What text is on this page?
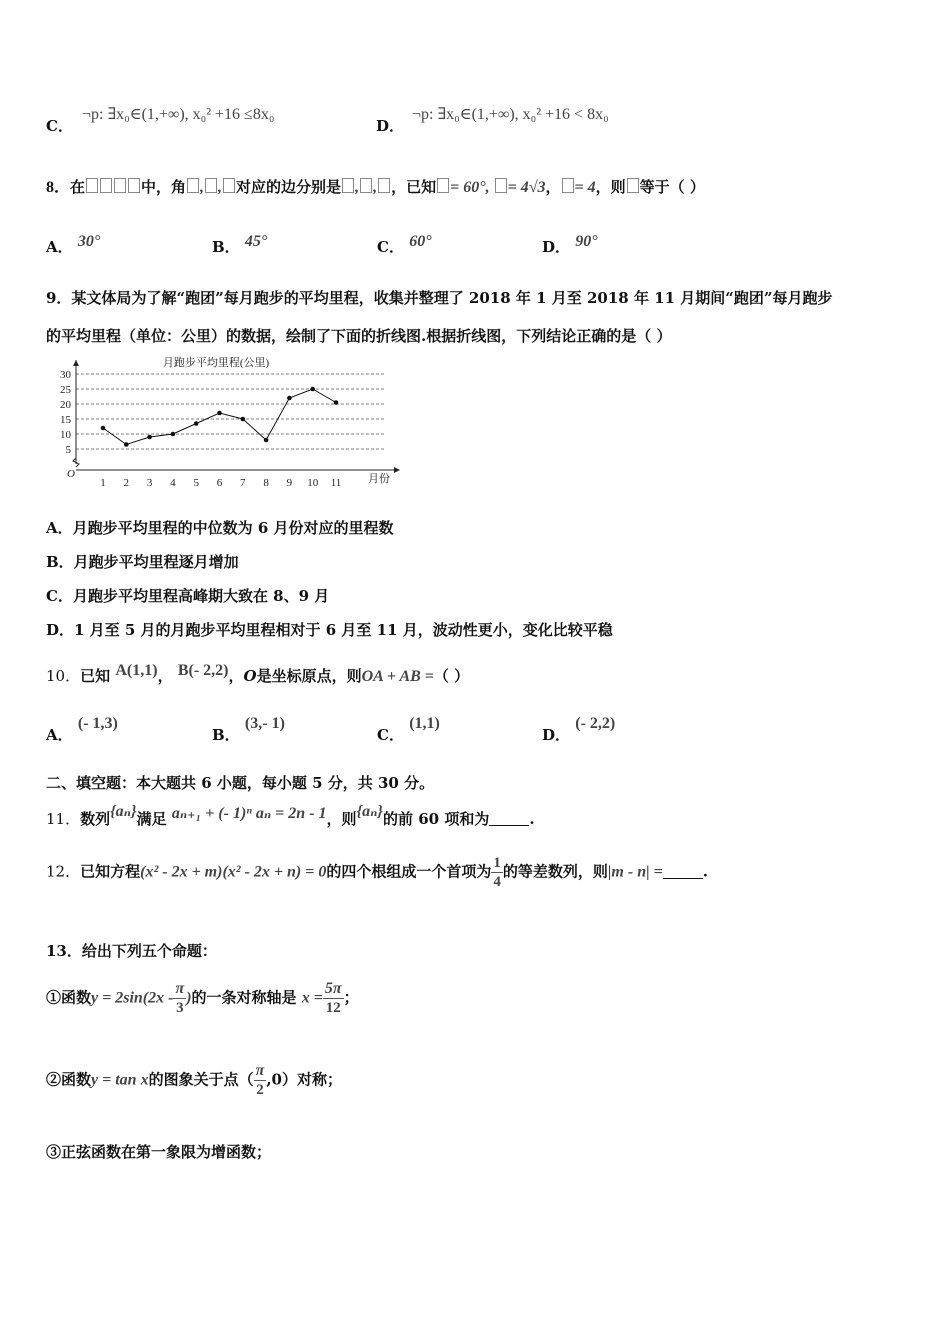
C．
¬p: ∃x₀∈(1,+∞), x₀² +16 ≤8x₀
D．
¬p: ∃x₀∈(1,+∞), x₀² +16 < 8x₀
8．在	中，角 , , 对应的边分别是 , , ，已知 = 60°, = 4√3， = 4，则 等于（ ）
A． 30°	B． 45°	C． 60°	D． 90°
9．某文体局为了解“跑团”每月跑步的平均里程，收集并整理了 2018 年 1 月至 2018 年 11 月期间“跑团”每月跑步
的平均里程（单位：公里）的数据，绘制了下面的折线图.根据折线图，下列结论正确的是（ ）
月跑步平均里程(公里)
O	月份
5
10
15
20
25
30
1 2 3 4 5 6 7 8 9 10 11
A．月跑步平均里程的中位数为 6 月份对应的里程数
B．月跑步平均里程逐月增加
C．月跑步平均里程高峰期大致在 8、9 月
D．1 月至 5 月的月跑步平均里程相对于 6 月至 11 月，波动性更小，变化比较平稳
10．已知 A(1,1)， B(- 2,2)，O是坐标原点，则OA + AB =（ ）
A． (- 1,3)
B． (3,- 1)
C． (1,1)
D． (- 2,2)
二、填空题：本大题共 6 小题，每小题 5 分，共 30 分。
11．数列{aₙ}满足 aₙ₊₁ + (- 1)ⁿ aₙ = 2n - 1，则{aₙ}的前 60 项和为	.
12．已知方程(x² - 2x + m)(x² - 2x + n) = 0的四个根组成一个首项为 $\frac{1}{4}$ 的等差数列，则|m - n| =	.
13．给出下列五个命题：
①函数$y = 2\sin(2x - \frac{\pi}{3}$ )的一条对称轴是 $x = \frac{5\pi}{12}$ ；
②函数y = tan x的图象关于点（ $\frac{\pi}{2} ,0$）对称；
③正弦函数在第一象限为增函数；
